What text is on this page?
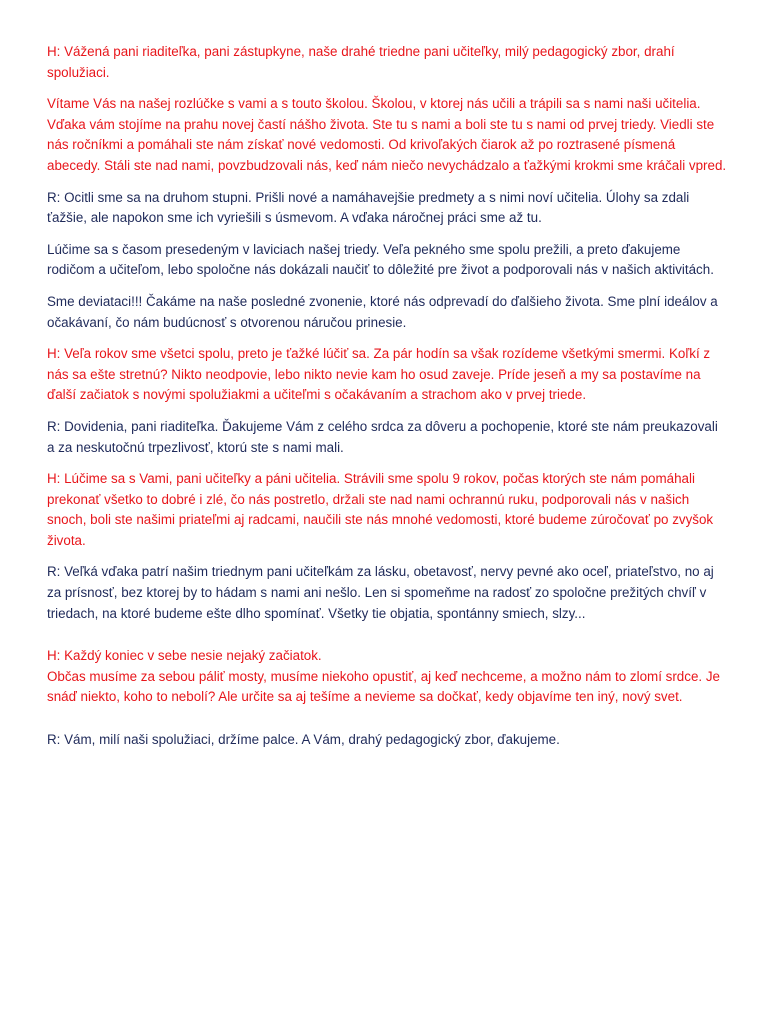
H: Vážená pani riaditeľka, pani zástupkyne, naše drahé triedne pani učiteľky, milý pedagogický zbor, drahí spolužiaci.

Vítame Vás na našej rozlúčke s vami a s touto školou. Školou, v ktorej nás učili a trápili sa s nami naši učitelia. Vďaka vám stojíme na prahu novej častí nášho života. Ste tu s nami a boli ste tu s nami od prvej triedy. Viedli ste nás ročníkmi a pomáhali ste nám získať nové vedomosti. Od krivoľakých čiarok až po roztrasené písmená abecedy. Stáli ste nad nami, povzbudzovali nás, keď nám niečo nevychádzalo a ťažkými krokmi sme kráčali vpred.

R: Ocitli sme sa na druhom stupni. Prišli nové a namáhavejšie predmety a s nimi noví učitelia. Úlohy sa zdali ťažšie, ale napokon sme ich vyriešili s úsmevom. A vďaka náročnej práci sme až tu.

Lúčime sa s časom presedeným v laviciach našej triedy. Veľa pekného sme spolu prežili, a preto ďakujeme rodičom a učiteľom, lebo spoločne nás dokázali naučiť to dôležité pre život a podporovali nás v našich aktivitách.

Sme deviataci!!! Čakáme na naše posledné zvonenie, ktoré nás odprevadí do ďalšieho života. Sme plní ideálov a očakávaní, čo nám budúcnosť s otvorenou náručou prinesie.

H: Veľa rokov sme všetci spolu, preto je ťažké lúčiť sa. Za pár hodín sa však rozídeme všetkými smermi. Koľkí z nás sa ešte stretnú? Nikto neodpovie, lebo nikto nevie kam ho osud zaveje. Príde jeseň a my sa postavíme na ďalší začiatok s novými spolužiakmi a učiteľmi s očakávaním a strachom ako v prvej triede.

R: Dovidenia, pani riaditeľka. Ďakujeme Vám z celého srdca za dôveru a pochopenie, ktoré ste nám preukazovali a za neskutočnú trpezlivosť, ktorú ste s nami mali.

H: Lúčime sa s Vami, pani učiteľky a páni učitelia. Strávili sme spolu 9 rokov, počas ktorých ste nám pomáhali prekonať všetko to dobré i zlé, čo nás postretlo, držali ste nad nami ochrannú ruku, podporovali nás v našich snoch, boli ste našimi priateľmi aj radcami, naučili ste nás mnohé vedomosti, ktoré budeme zúročovať po zvyšok života.

R: Veľká vďaka patrí našim triednym pani učiteľkám za lásku, obetavosť, nervy pevné ako oceľ, priateľstvo, no aj za prísnosť, bez ktorej by to hádam s nami ani nešlo. Len si spomeňme na radosť zo spoločne prežitých chvíľ v triedach, na ktoré budeme ešte dlho spomínať. Všetky tie objatia, spontánny smiech, slzy...

H: Každý koniec v sebe nesie nejaký začiatok.
Občas musíme za sebou páliť mosty, musíme niekoho opustiť, aj keď nechceme, a možno nám to zlomí srdce. Je snáď niekto, koho to nebolí? Ale určite sa aj tešíme a nevieme sa dočkať, kedy objavíme ten iný, nový svet.

R: Vám, milí naši spolužiaci, držíme palce. A Vám, drahý pedagogický zbor, ďakujeme.
